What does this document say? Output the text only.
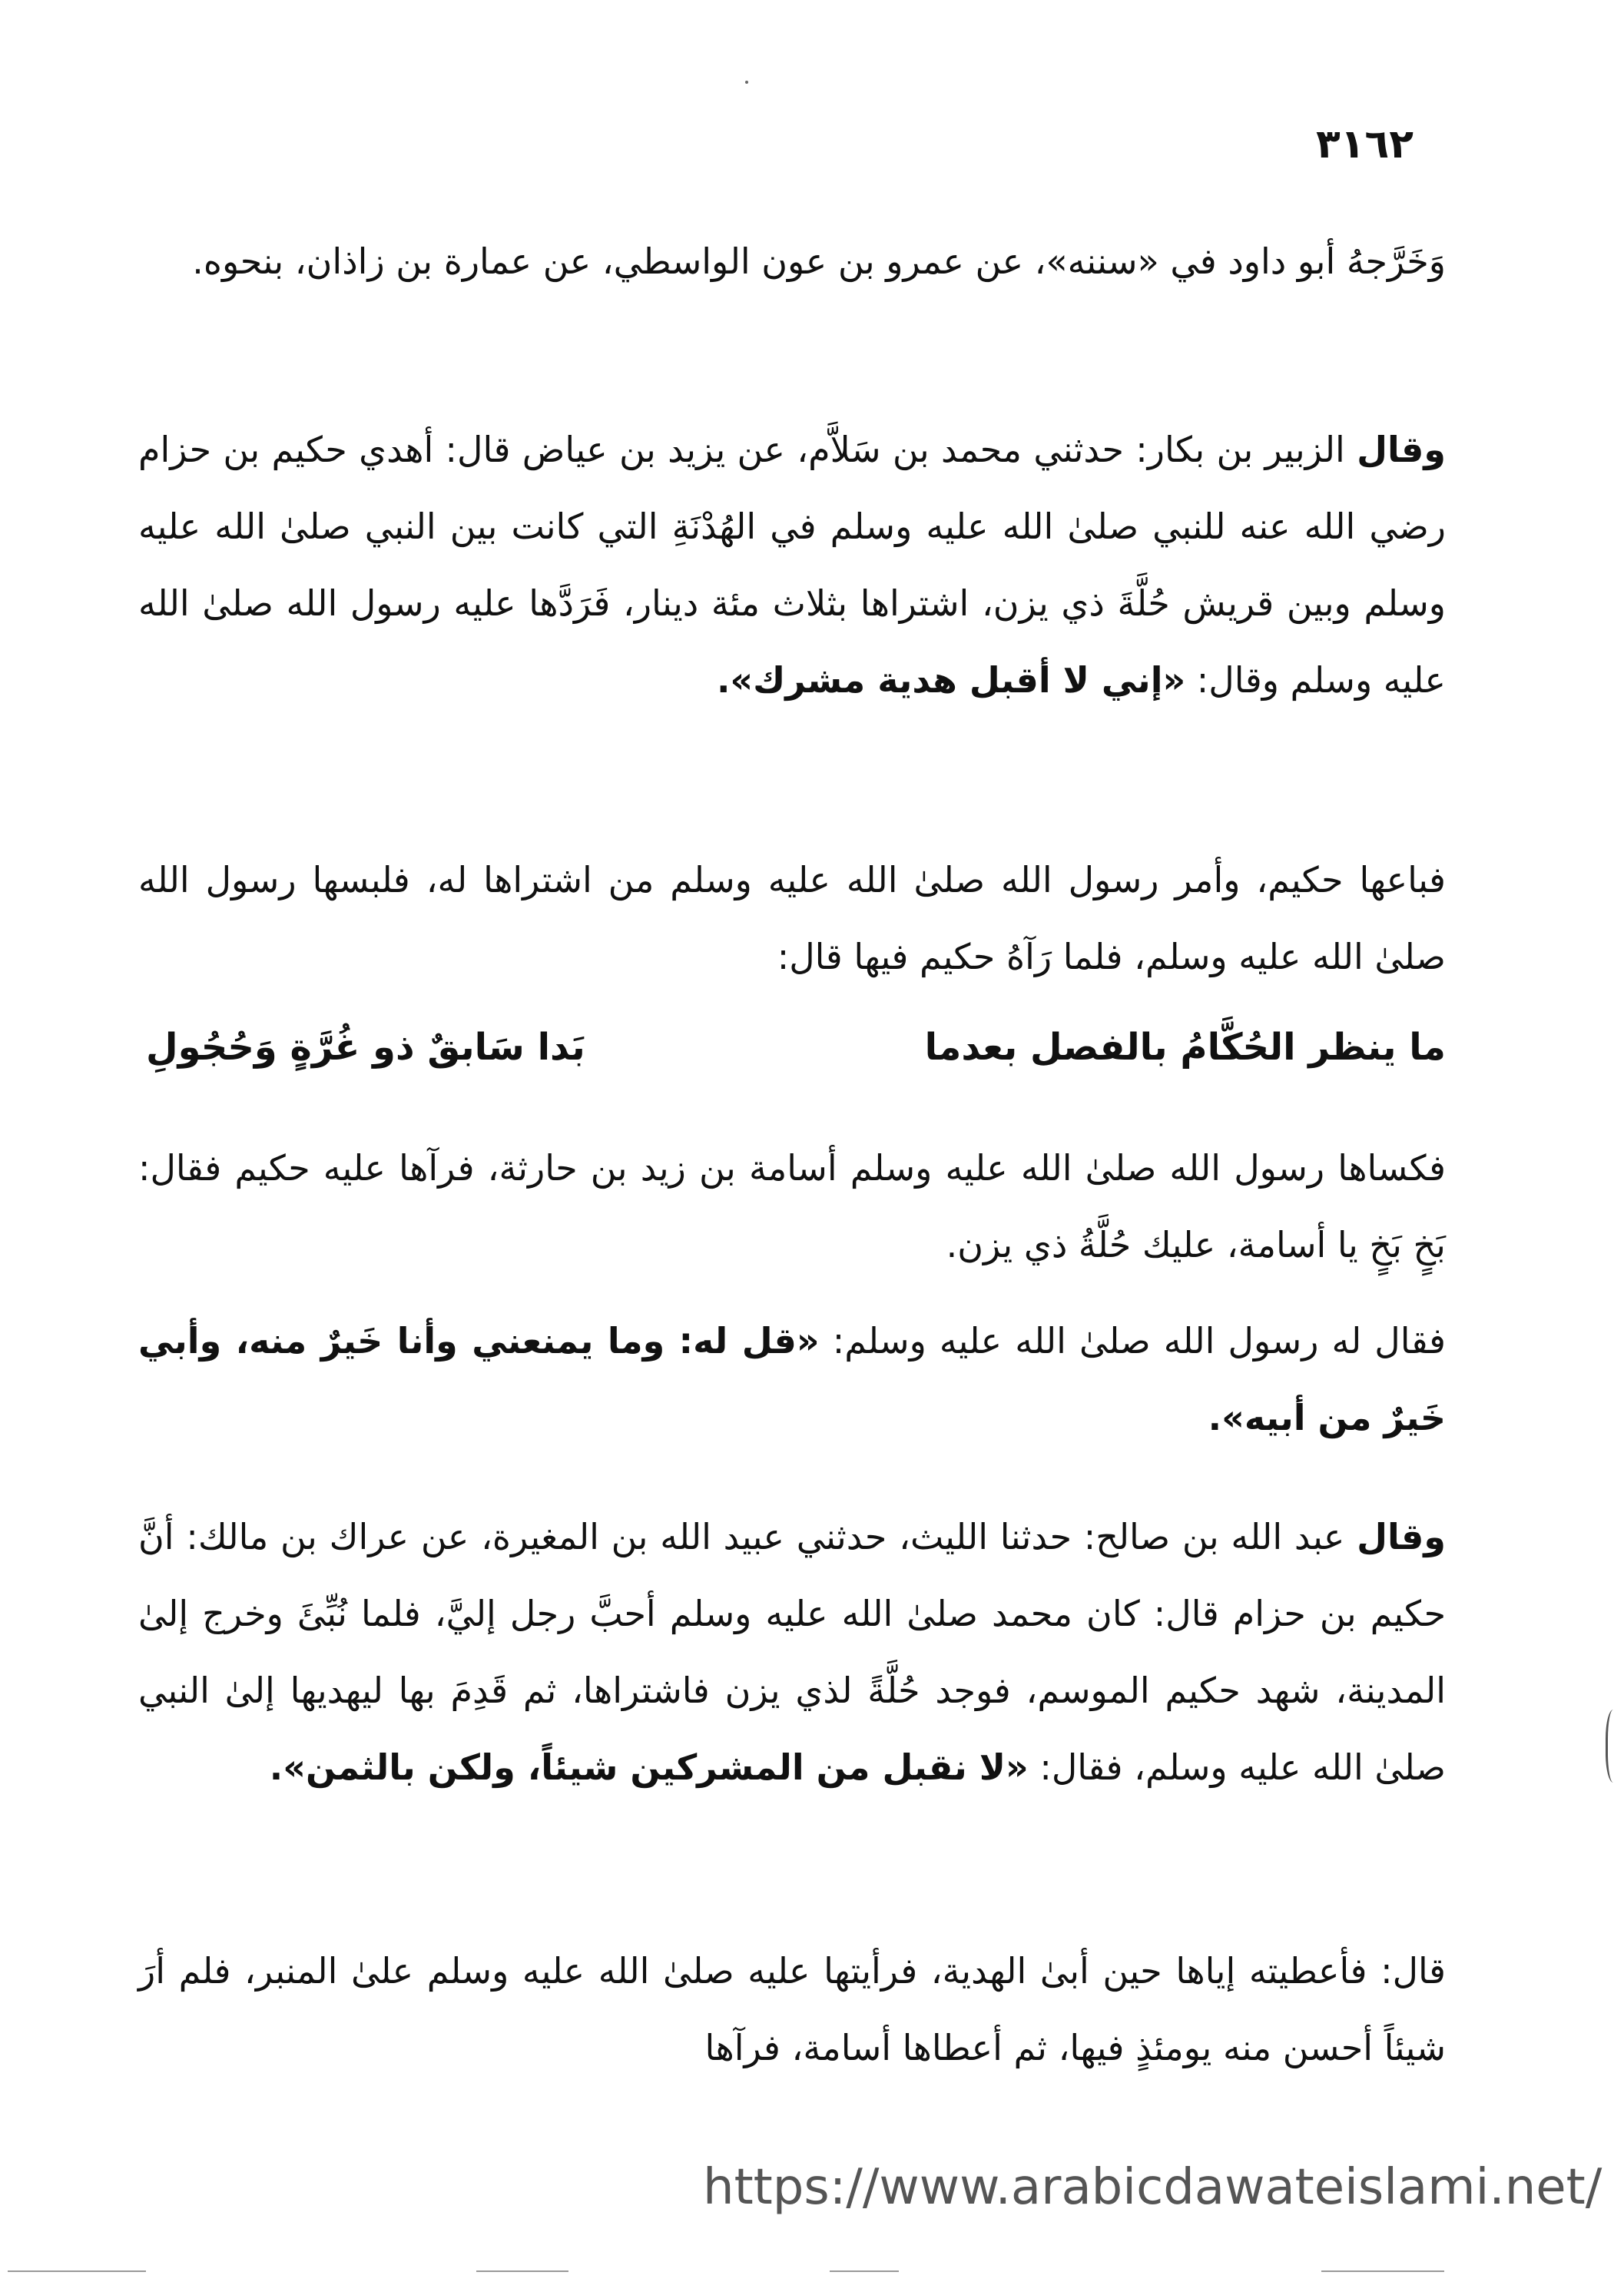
٣١٦٢

وَخَرَّجهُ أبو داود في «سننه»، عن عمرو بن عون الواسطي، عن عمارة بن زاذان، بنحوه.

وقال الزبير بن بكار: حدثني محمد بن سَلاَّم، عن يزيد بن عياض قال: أهدي حكيم بن حزام رضي الله عنه للنبي صلىٰ الله عليه وسلم في الهُدْنَةِ التي كانت بين النبي صلىٰ الله عليه وسلم وبين قريش حُلَّةَ ذي يزن، اشتراها بثلاث مئة دينار، فَرَدَّها عليه رسول الله صلىٰ الله عليه وسلم وقال: «إني لا أقبل هدية مشرك».

فباعها حكيم، وأمر رسول الله صلىٰ الله عليه وسلم من اشتراها له، فلبسها رسول الله صلىٰ الله عليه وسلم، فلما رَآهُ حكيم فيها قال:

ما ينظر الحُكَّامُ بالفصل بعدما
بَدا سَابقٌ ذو غُرَّةٍ وَحُجُولِ

فكساها رسول الله صلىٰ الله عليه وسلم أسامة بن زيد بن حارثة، فرآها عليه حكيم فقال: بَخٍ بَخٍ يا أسامة، عليك حُلَّةُ ذي يزن.

فقال له رسول الله صلىٰ الله عليه وسلم: «قل له: وما يمنعني وأنا خَيرٌ منه، وأبي خَيرٌ من أبيه».

وقال عبد الله بن صالح: حدثنا الليث، حدثني عبيد الله بن المغيرة، عن عراك بن مالك: أنَّ حكيم بن حزام قال: كان محمد صلىٰ الله عليه وسلم أحبَّ رجل إليَّ، فلما نُبِّئَ وخرج إلىٰ المدينة، شهد حكيم الموسم، فوجد حُلَّةً لذي يزن فاشتراها، ثم قَدِمَ بها ليهديها إلىٰ النبي صلىٰ الله عليه وسلم، فقال: «لا نقبل من المشركين شيئاً، ولكن بالثمن».

قال: فأعطيته إياها حين أبىٰ الهدية، فرأيتها عليه صلىٰ الله عليه وسلم علىٰ المنبر، فلم أرَ شيئاً أحسن منه يومئذٍ فيها، ثم أعطاها أسامة، فرآها

https://www.arabicdawateislami.net/
